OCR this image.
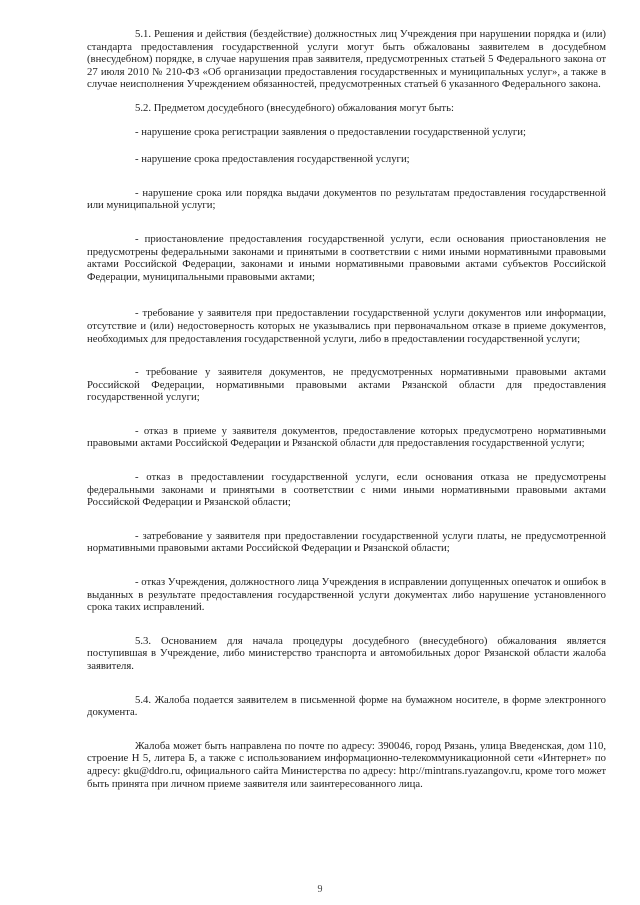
5.1. Решения и действия (бездействие) должностных лиц Учреждения при нарушении порядка и (или) стандарта предоставления государственной услуги могут быть обжалованы заявителем в досудебном (внесудебном) порядке, в случае нарушения прав заявителя, предусмотренных статьей 5 Федерального закона от 27 июля 2010 № 210-ФЗ «Об организации предоставления государственных и муниципальных услуг», а также в случае неисполнения Учреждением обязанностей, предусмотренных статьей 6 указанного Федерального закона.

5.2. Предметом досудебного (внесудебного) обжалования могут быть:

- нарушение срока регистрации заявления о предоставлении государственной услуги;

- нарушение срока предоставления государственной услуги;

- нарушение срока или порядка выдачи документов по результатам предоставления государственной или муниципальной услуги;

- приостановление предоставления государственной услуги, если основания приостановления не предусмотрены федеральными законами и принятыми в соответствии с ними иными нормативными правовыми актами Российской Федерации, законами и иными нормативными правовыми актами субъектов Российской Федерации, муниципальными правовыми актами;

- требование у заявителя при предоставлении государственной услуги документов или информации, отсутствие и (или) недостоверность которых не указывались при первоначальном отказе в приеме документов, необходимых для предоставления государственной услуги, либо в предоставлении государственной услуги;

- требование у заявителя документов, не предусмотренных нормативными правовыми актами Российской Федерации, нормативными правовыми актами Рязанской области для предоставления государственной услуги;

- отказ в приеме у заявителя документов, предоставление которых предусмотрено нормативными правовыми актами Российской Федерации и Рязанской области для предоставления государственной услуги;

- отказ в предоставлении государственной услуги, если основания отказа не предусмотрены федеральными законами и принятыми в соответствии с ними иными нормативными правовыми актами Российской Федерации и Рязанской области;

- затребование у заявителя при предоставлении государственной услуги платы, не предусмотренной нормативными правовыми актами Российской Федерации и Рязанской области;

- отказ Учреждения, должностного лица Учреждения в исправлении допущенных опечаток и ошибок в выданных в результате предоставления государственной услуги документах либо нарушение установленного срока таких исправлений.

5.3. Основанием для начала процедуры досудебного (внесудебного) обжалования является поступившая в Учреждение, либо министерство транспорта и автомобильных дорог Рязанской области жалоба заявителя.

5.4. Жалоба подается заявителем в письменной форме на бумажном носителе, в форме электронного документа.

Жалоба может быть направлена по почте по адресу: 390046, город Рязань, улица Введенская, дом 110, строение Н 5, литера Б, а также с использованием информационно-телекоммуникационной сети «Интернет» по адресу: gku@ddro.ru, официального сайта Министерства по адресу: http://mintrans.ryazangov.ru, кроме того может быть принята при личном приеме заявителя или заинтересованного лица.

9
